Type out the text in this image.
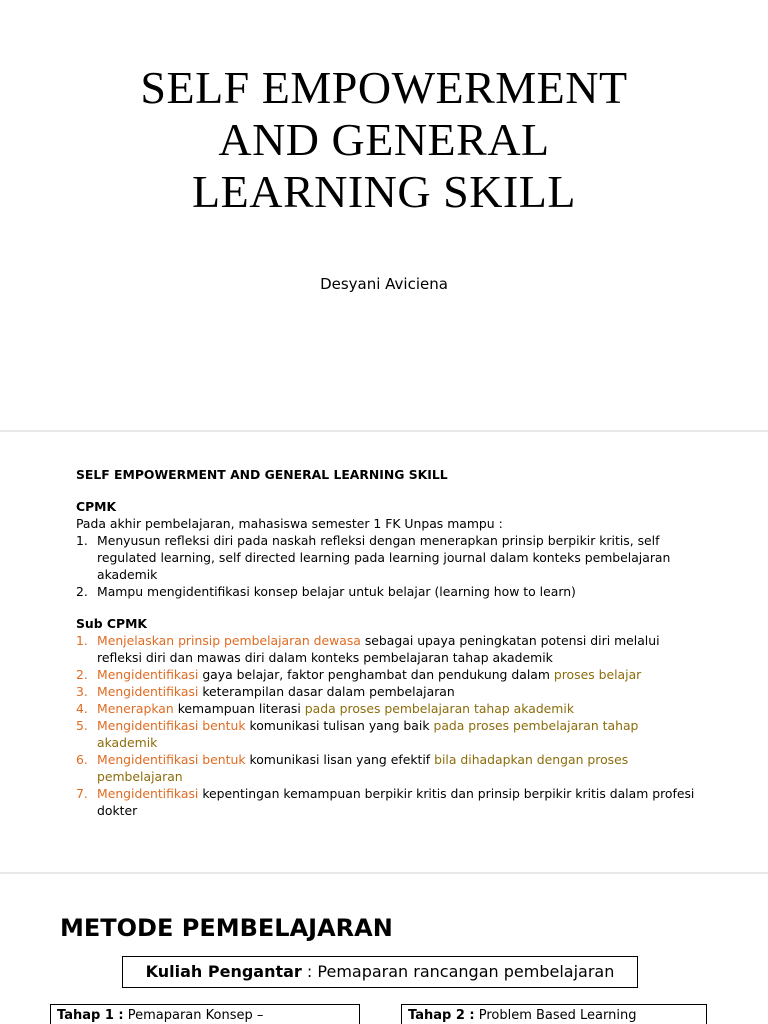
SELF EMPOWERMENT
AND GENERAL
LEARNING SKILL
Desyani Aviciena
SELF EMPOWERMENT AND GENERAL LEARNING SKILL
CPMK
Pada akhir pembelajaran, mahasiswa semester 1 FK Unpas mampu :
1. Menyusun refleksi diri pada naskah refleksi dengan menerapkan prinsip berpikir kritis, self regulated learning, self directed learning pada learning journal dalam konteks pembelajaran akademik
2. Mampu mengidentifikasi konsep belajar untuk belajar (learning how to learn)
Sub CPMK
1. Menjelaskan prinsip pembelajaran dewasa sebagai upaya peningkatan potensi diri melalui refleksi diri dan mawas diri dalam konteks pembelajaran tahap akademik
2. Mengidentifikasi gaya belajar, faktor penghambat dan pendukung dalam proses belajar
3. Mengidentifikasi keterampilan dasar dalam pembelajaran
4. Menerapkan kemampuan literasi pada proses pembelajaran tahap akademik
5. Mengidentifikasi bentuk komunikasi tulisan yang baik pada proses pembelajaran tahap akademik
6. Mengidentifikasi bentuk komunikasi lisan yang efektif bila dihadapkan dengan proses pembelajaran
7. Mengidentifikasi kepentingan kemampuan berpikir kritis dan prinsip berpikir kritis dalam profesi dokter
METODE PEMBELAJARAN
Kuliah Pengantar : Pemaparan rancangan pembelajaran
Tahap 1 : Pemaparan Konsep –	Tahap 2 : Problem Based Learning
